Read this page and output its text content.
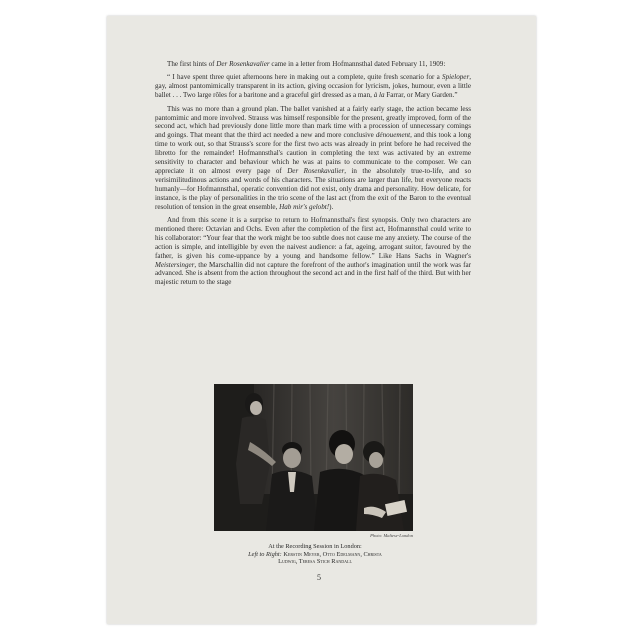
The first hints of Der Rosenkavalier came in a letter from Hofmannsthal dated February 11, 1909:

“ I have spent three quiet afternoons here in making out a complete, quite fresh scenario for a Spieloper, gay, almost pantomimically transparent in its action, giving occasion for lyricism, jokes, humour, even a little ballet . . . Two large rôles for a baritone and a graceful girl dressed as a man, à la Farrar, or Mary Garden.”

This was no more than a ground plan. The ballet vanished at a fairly early stage, the action became less pantomimic and more involved. Strauss was himself responsible for the present, greatly improved, form of the second act, which had previously done little more than mark time with a procession of unnecessary comings and goings. That meant that the third act needed a new and more conclusive dénouement, and this took a long time to work out, so that Strauss's score for the first two acts was already in print before he had received the libretto for the remainder! Hofmannsthal's caution in completing the text was activated by an extreme sensitivity to character and behaviour which he was at pains to communicate to the composer. We can appreciate it on almost every page of Der Rosenkavalier, in the absolutely true-to-life, and so verisimilitudinous actions and words of his characters. The situations are larger than life, but everyone reacts humanly—for Hofmannsthal, operatic convention did not exist, only drama and personality. How delicate, for instance, is the play of personalities in the trio scene of the last act (from the exit of the Baron to the eventual resolution of tension in the great ensemble, Hab mir's gelobt!).

And from this scene it is a surprise to return to Hofmannsthal's first synopsis. Only two characters are mentioned there: Octavian and Ochs. Even after the completion of the first act, Hofmannsthal could write to his collaborator: “Your fear that the work might be too subtle does not cause me any anxiety. The course of the action is simple, and intelligible by even the naivest audience: a fat, ageing, arrogant suitor, favoured by the father, is given his come-uppance by a young and handsome fellow.” Like Hans Sachs in Wagner's Meistersinger, the Marschallin did not capture the forefront of the author's imagination until the work was far advanced. She is absent from the action throughout the second act and in the first half of the third. But with her majestic return to the stage

Photo: Maltese-London
At the Recording Session in London:
Left to Right: Kerstin Meyer, Otto Edelmann, Christa
Ludwig, Teresa Stich Randall
5
